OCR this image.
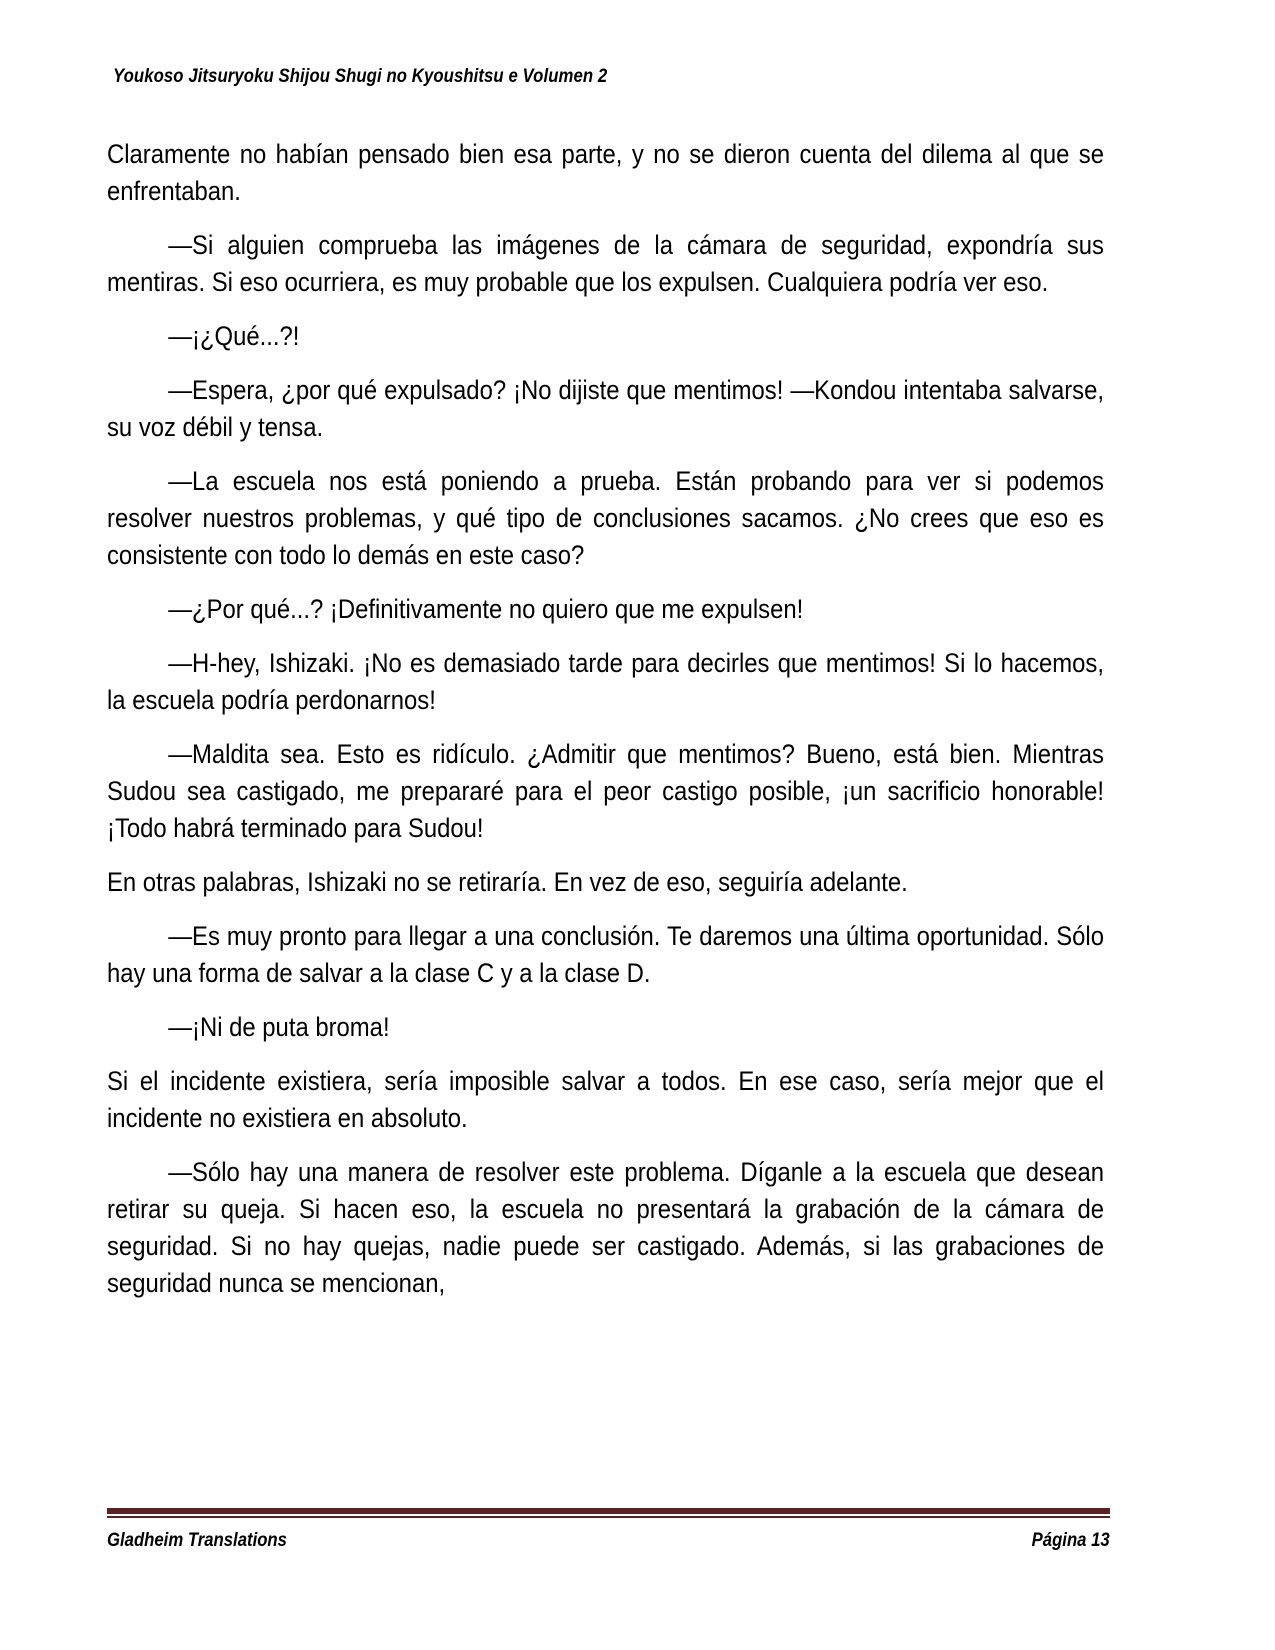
Youkoso Jitsuryoku Shijou Shugi no Kyoushitsu e Volumen 2

Claramente no habían pensado bien esa parte, y no se dieron cuenta del dilema al que se enfrentaban.

—Si alguien comprueba las imágenes de la cámara de seguridad, expondría sus mentiras. Si eso ocurriera, es muy probable que los expulsen. Cualquiera podría ver eso.

—¡¿Qué...?!

—Espera, ¿por qué expulsado? ¡No dijiste que mentimos! —Kondou intentaba salvarse, su voz débil y tensa.

—La escuela nos está poniendo a prueba. Están probando para ver si podemos resolver nuestros problemas, y qué tipo de conclusiones sacamos. ¿No crees que eso es consistente con todo lo demás en este caso?

—¿Por qué...? ¡Definitivamente no quiero que me expulsen!

—H-hey, Ishizaki. ¡No es demasiado tarde para decirles que mentimos! Si lo hacemos, la escuela podría perdonarnos!

—Maldita sea. Esto es ridículo. ¿Admitir que mentimos? Bueno, está bien. Mientras Sudou sea castigado, me prepararé para el peor castigo posible, ¡un sacrificio honorable! ¡Todo habrá terminado para Sudou!

En otras palabras, Ishizaki no se retiraría. En vez de eso, seguiría adelante.

—Es muy pronto para llegar a una conclusión. Te daremos una última oportunidad. Sólo hay una forma de salvar a la clase C y a la clase D.

—¡Ni de puta broma!

Si el incidente existiera, sería imposible salvar a todos. En ese caso, sería mejor que el incidente no existiera en absoluto.

—Sólo hay una manera de resolver este problema. Díganle a la escuela que desean retirar su queja. Si hacen eso, la escuela no presentará la grabación de la cámara de seguridad. Si no hay quejas, nadie puede ser castigado. Además, si las grabaciones de seguridad nunca se mencionan,

Gladheim Translations	Página 13
